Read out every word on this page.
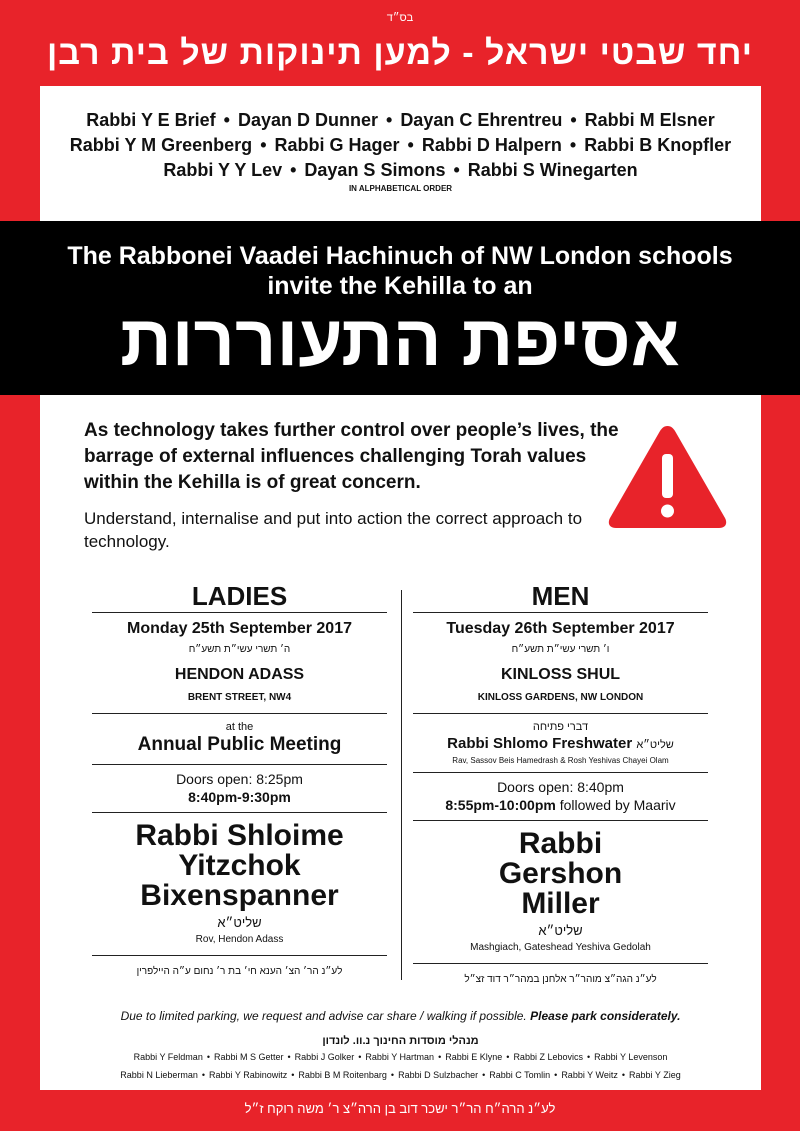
בס״ד
יחד שבטי ישראל - למען תינוקות של בית רבן
Rabbi Y E Brief • Dayan D Dunner • Dayan C Ehrentreu • Rabbi M Elsner
Rabbi Y M Greenberg • Rabbi G Hager • Rabbi D Halpern • Rabbi B Knopfler
Rabbi Y Y Lev • Dayan S Simons • Rabbi S Winegarten
IN ALPHABETICAL ORDER
The Rabbonei Vaadei Hachinuch of NW London schools
invite the Kehilla to an
אסיפת התעוררות
As technology takes further control over people’s lives, the barrage of external influences challenging Torah values within the Kehilla is of great concern.
Understand, internalise and put into action the correct approach to technology.
LADIES
Monday 25th September 2017
ה׳ תשרי עשי״ת תשע״ח
HENDON ADASS
BRENT STREET, NW4
at the
Annual Public Meeting
Doors open: 8:25pm
8:40pm-9:30pm
Rabbi Shloime
Yitzchok
Bixenspanner
שליט״א
Rov, Hendon Adass
לע״נ הר׳ הצ׳ הענא חי׳ בת ר׳ נחום ע״ה היילפרין
MEN
Tuesday 26th September 2017
ו׳ תשרי עשי״ת תשע״ח
KINLOSS SHUL
KINLOSS GARDENS, NW LONDON
דברי פתיחה
Rabbi Shlomo Freshwater שליט״א
Rav, Sassov Beis Hamedrash & Rosh Yeshivas Chayei Olam
Doors open: 8:40pm
8:55pm-10:00pm followed by Maariv
Rabbi
Gershon
Miller
שליט״א
Mashgiach, Gateshead Yeshiva Gedolah
לע״נ הגה״צ מוהר״ר אלחנן במהר״ר דוד זצ״ל
Due to limited parking, we request and advise car share / walking if possible. Please park considerately.
מנהלי מוסדות החינוך נ.וו. לונדון
Rabbi Y Feldman • Rabbi M S Getter • Rabbi J Golker • Rabbi Y Hartman • Rabbi E Klyne • Rabbi Z Lebovics • Rabbi Y Levenson
Rabbi N Lieberman • Rabbi Y Rabinowitz • Rabbi B M Roitenbarg • Rabbi D Sulzbacher • Rabbi C Tomlin • Rabbi Y Weitz • Rabbi Y Zieg
לע״נ הרה״ח הר״ר ישכר דוב בן הרה״צ ר׳ משה רוקח ז״ל
